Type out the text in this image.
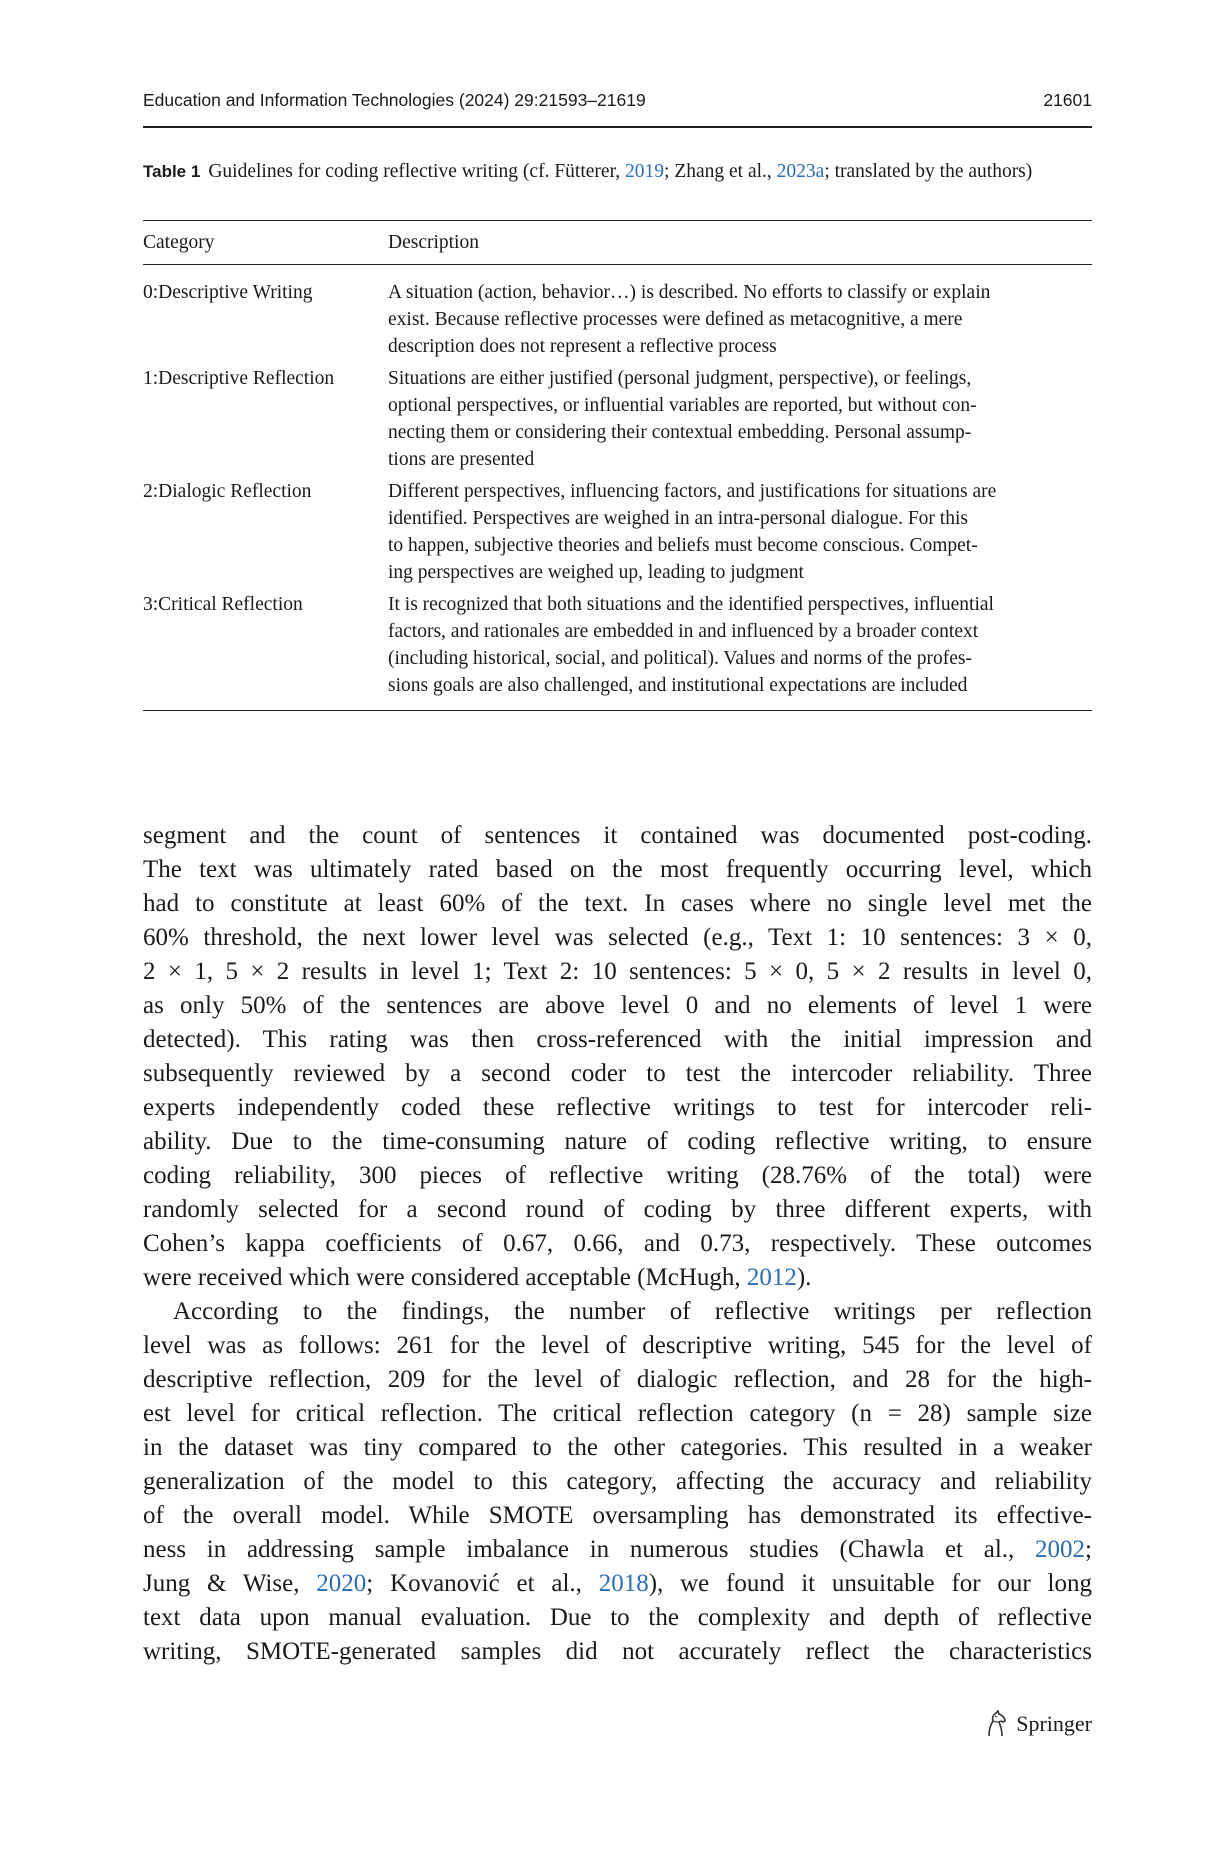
Education and Information Technologies (2024) 29:21593–21619	21601
Table 1 Guidelines for coding reflective writing (cf. Fütterer, 2019; Zhang et al., 2023a; translated by the authors)
Category	Description
0:Descriptive Writing	A situation (action, behavior…) is described. No efforts to classify or explain
exist. Because reflective processes were defined as metacognitive, a mere
description does not represent a reflective process
1:Descriptive Reflection	Situations are either justified (personal judgment, perspective), or feelings,
optional perspectives, or influential variables are reported, but without con-
necting them or considering their contextual embedding. Personal assump-
tions are presented
2:Dialogic Reflection	Different perspectives, influencing factors, and justifications for situations are
identified. Perspectives are weighed in an intra-personal dialogue. For this
to happen, subjective theories and beliefs must become conscious. Compet-
ing perspectives are weighed up, leading to judgment
3:Critical Reflection	It is recognized that both situations and the identified perspectives, influential
factors, and rationales are embedded in and influenced by a broader context
(including historical, social, and political). Values and norms of the profes-
sions goals are also challenged, and institutional expectations are included
segment and the count of sentences it contained was documented post-coding.
The text was ultimately rated based on the most frequently occurring level, which
had to constitute at least 60% of the text. In cases where no single level met the
60% threshold, the next lower level was selected (e.g., Text 1: 10 sentences: 3 × 0,
2 × 1, 5 × 2 results in level 1; Text 2: 10 sentences: 5 × 0, 5 × 2 results in level 0,
as only 50% of the sentences are above level 0 and no elements of level 1 were
detected). This rating was then cross-referenced with the initial impression and
subsequently reviewed by a second coder to test the intercoder reliability. Three
experts independently coded these reflective writings to test for intercoder reli-
ability. Due to the time-consuming nature of coding reflective writing, to ensure
coding reliability, 300 pieces of reflective writing (28.76% of the total) were
randomly selected for a second round of coding by three different experts, with
Cohen’s kappa coefficients of 0.67, 0.66, and 0.73, respectively. These outcomes
were received which were considered acceptable (McHugh, 2012).
According to the findings, the number of reflective writings per reflection
level was as follows: 261 for the level of descriptive writing, 545 for the level of
descriptive reflection, 209 for the level of dialogic reflection, and 28 for the high-
est level for critical reflection. The critical reflection category (n = 28) sample size
in the dataset was tiny compared to the other categories. This resulted in a weaker
generalization of the model to this category, affecting the accuracy and reliability
of the overall model. While SMOTE oversampling has demonstrated its effective-
ness in addressing sample imbalance in numerous studies (Chawla et al., 2002;
Jung & Wise, 2020; Kovanović et al., 2018), we found it unsuitable for our long
text data upon manual evaluation. Due to the complexity and depth of reflective
writing, SMOTE-generated samples did not accurately reflect the characteristics
Springer
